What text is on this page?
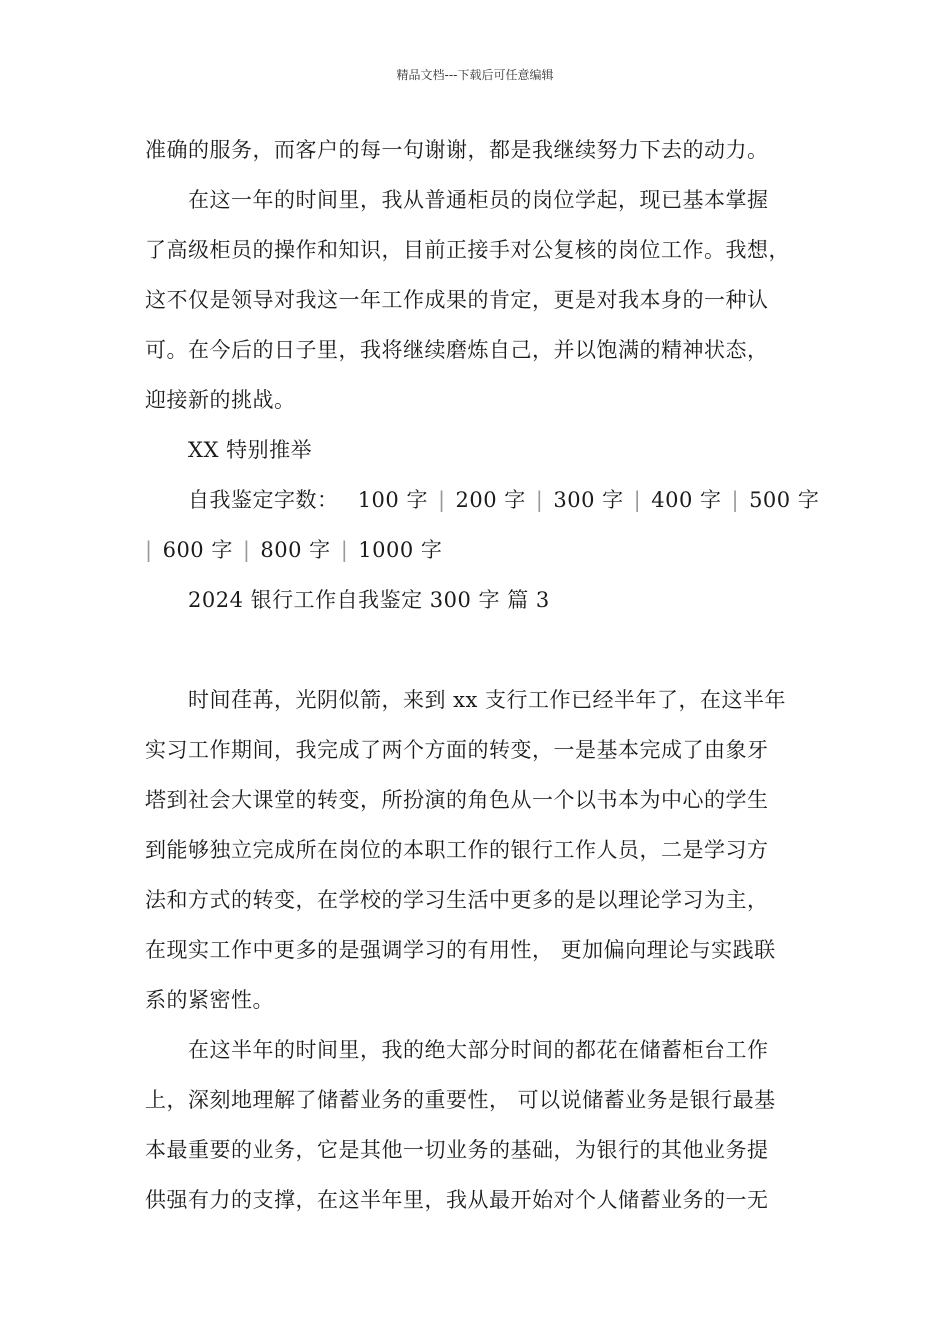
精品文档---下载后可任意编辑
准确的服务，而客户的每一句谢谢，都是我继续努力下去的动力。
在这一年的时间里，我从普通柜员的岗位学起，现已基本掌握
了高级柜员的操作和知识，目前正接手对公复核的岗位工作。我想，
这不仅是领导对我这一年工作成果的肯定，更是对我本身的一种认
可。在今后的日子里，我将继续磨炼自己，并以饱满的精神状态，
迎接新的挑战。
XX 特别推举
自我鉴定字数： 100 字 | 200 字 | 300 字 | 400 字 | 500 字
| 600 字 | 800 字 | 1000 字
2024 银行工作自我鉴定 300 字 篇 3
时间荏苒，光阴似箭，来到 xx 支行工作已经半年了，在这半年
实习工作期间，我完成了两个方面的转变，一是基本完成了由象牙
塔到社会大课堂的转变，所扮演的角色从一个以书本为中心的学生
到能够独立完成所在岗位的本职工作的银行工作人员，二是学习方
法和方式的转变，在学校的学习生活中更多的是以理论学习为主，
在现实工作中更多的是强调学习的有用性， 更加偏向理论与实践联
系的紧密性。
在这半年的时间里，我的绝大部分时间的都花在储蓄柜台工作
上，深刻地理解了储蓄业务的重要性， 可以说储蓄业务是银行最基
本最重要的业务，它是其他一切业务的基础，为银行的其他业务提
供强有力的支撑，在这半年里，我从最开始对个人储蓄业务的一无
